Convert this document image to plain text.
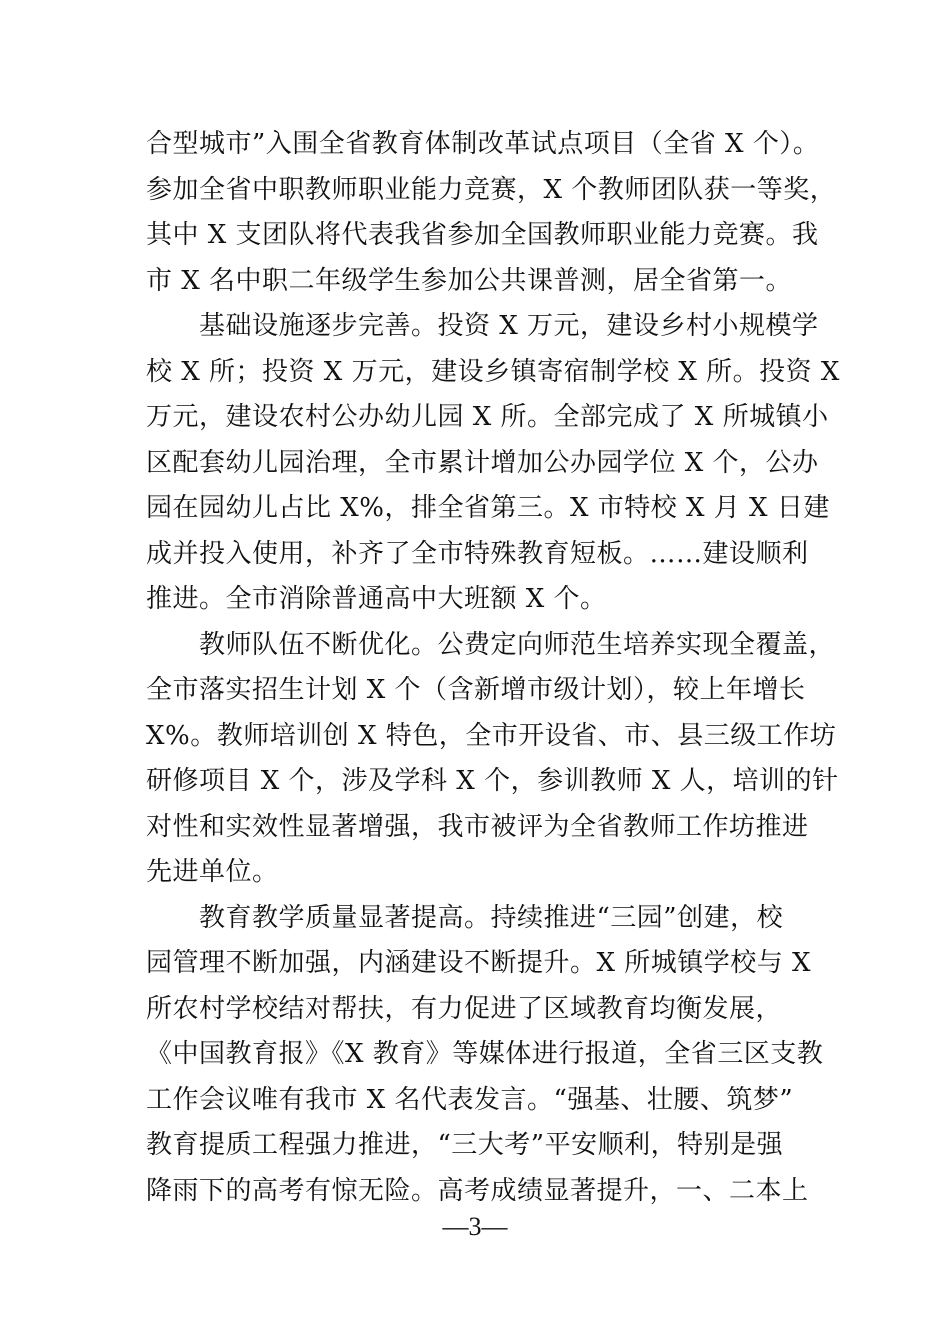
合型城市”入围全省教育体制改革试点项目（全省 X 个）。
参加全省中职教师职业能力竞赛，X 个教师团队获一等奖，
其中 X 支团队将代表我省参加全国教师职业能力竞赛。我
市 X 名中职二年级学生参加公共课普测，居全省第一。
　　基础设施逐步完善。投资 X 万元，建设乡村小规模学
校 X 所；投资 X 万元，建设乡镇寄宿制学校 X 所。投资 X
万元，建设农村公办幼儿园 X 所。全部完成了 X 所城镇小
区配套幼儿园治理，全市累计增加公办园学位 X 个，公办
园在园幼儿占比 X%，排全省第三。X 市特校 X 月 X 日建
成并投入使用，补齐了全市特殊教育短板。……建设顺利
推进。全市消除普通高中大班额 X 个。
　　教师队伍不断优化。公费定向师范生培养实现全覆盖，
全市落实招生计划 X 个（含新增市级计划），较上年增长
X%。教师培训创 X 特色，全市开设省、市、县三级工作坊
研修项目 X 个，涉及学科 X 个，参训教师 X 人，培训的针
对性和实效性显著增强，我市被评为全省教师工作坊推进
先进单位。
　　教育教学质量显著提高。持续推进“三园”创建，校
园管理不断加强，内涵建设不断提升。X 所城镇学校与 X
所农村学校结对帮扶，有力促进了区域教育均衡发展，
《中国教育报》《X 教育》等媒体进行报道，全省三区支教
工作会议唯有我市 X 名代表发言。“强基、壮腰、筑梦”
教育提质工程强力推进，“三大考”平安顺利，特别是强
降雨下的高考有惊无险。高考成绩显著提升，一、二本上
—3—
